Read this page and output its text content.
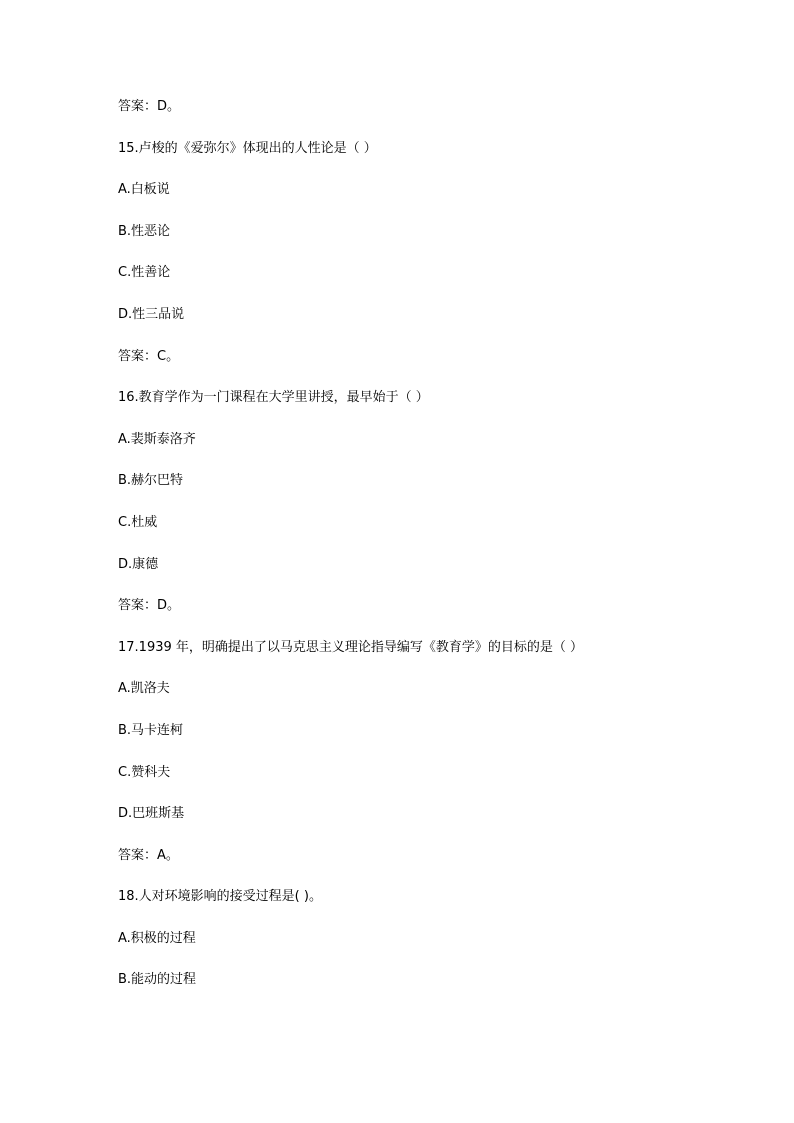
答案：D。
15.卢梭的《爱弥尔》体现出的人性论是（ ）
A.白板说
B.性恶论
C.性善论
D.性三品说
答案：C。
16.教育学作为一门课程在大学里讲授，最早始于（ ）
A.裴斯泰洛齐
B.赫尔巴特
C.杜威
D.康德
答案：D。
17.1939 年，明确提出了以马克思主义理论指导编写《教育学》的目标的是（ ）
A.凯洛夫
B.马卡连柯
C.赞科夫
D.巴班斯基
答案：A。
18.人对环境影响的接受过程是( )。
A.积极的过程
B.能动的过程
